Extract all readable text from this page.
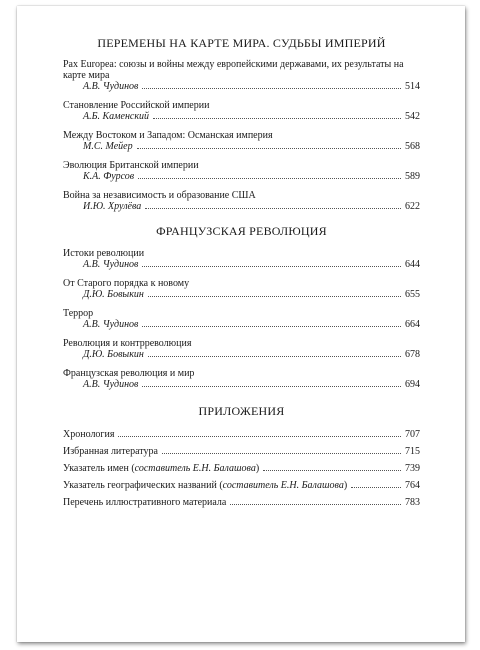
ПЕРЕМЕНЫ НА КАРТЕ МИРА. СУДЬБЫ ИМПЕРИЙ
Pax Europea: союзы и войны между европейскими державами, их результаты на карте мира
А.В. Чудинов	514
Становление Российской империи
А.Б. Каменский	542
Между Востоком и Западом: Османская империя
М.С. Мейер	568
Эволюция Британской империи
К.А. Фурсов	589
Война за независимость и образование США
И.Ю. Хрулёва	622
ФРАНЦУЗСКАЯ РЕВОЛЮЦИЯ
Истоки революции
А.В. Чудинов	644
От Старого порядка к новому
Д.Ю. Бовыкин	655
Террор
А.В. Чудинов	664
Революция и контрреволюция
Д.Ю. Бовыкин	678
Французская революция и мир
А.В. Чудинов	694
ПРИЛОЖЕНИЯ
Хронология	707
Избранная литература	715
Указатель имен (составитель Е.Н. Балашова)	739
Указатель географических названий (составитель Е.Н. Балашова)	764
Перечень иллюстративного материала	783
